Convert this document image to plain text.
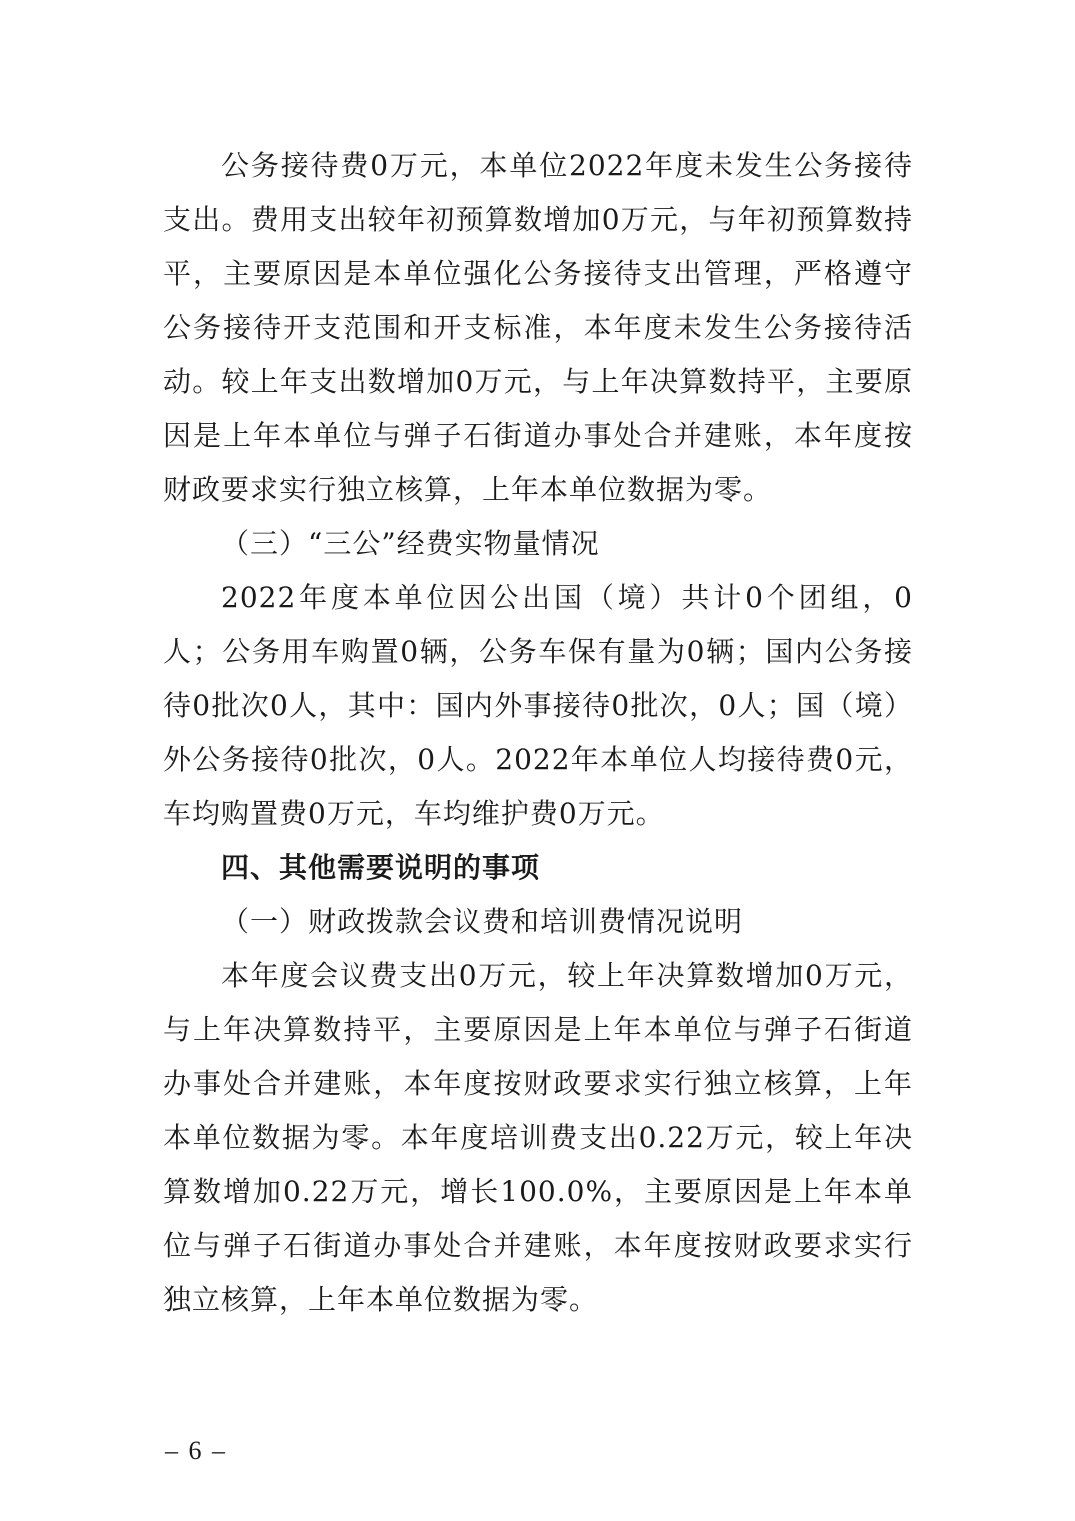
公务接待费0万元，本单位2022年度未发生公务接待支出。费用支出较年初预算数增加0万元，与年初预算数持平，主要原因是本单位强化公务接待支出管理，严格遵守公务接待开支范围和开支标准，本年度未发生公务接待活动。较上年支出数增加0万元，与上年决算数持平，主要原因是上年本单位与弹子石街道办事处合并建账，本年度按财政要求实行独立核算，上年本单位数据为零。

（三）“三公”经费实物量情况

2022年度本单位因公出国（境）共计0个团组，0人；公务用车购置0辆，公务车保有量为0辆；国内公务接待0批次0人，其中：国内外事接待0批次，0人；国（境）外公务接待0批次，0人。2022年本单位人均接待费0元，车均购置费0万元，车均维护费0万元。

四、其他需要说明的事项

（一）财政拨款会议费和培训费情况说明

本年度会议费支出0万元，较上年决算数增加0万元，与上年决算数持平，主要原因是上年本单位与弹子石街道办事处合并建账，本年度按财政要求实行独立核算，上年本单位数据为零。本年度培训费支出0.22万元，较上年决算数增加0.22万元，增长100.0%，主要原因是上年本单位与弹子石街道办事处合并建账，本年度按财政要求实行独立核算，上年本单位数据为零。

– 6 –
